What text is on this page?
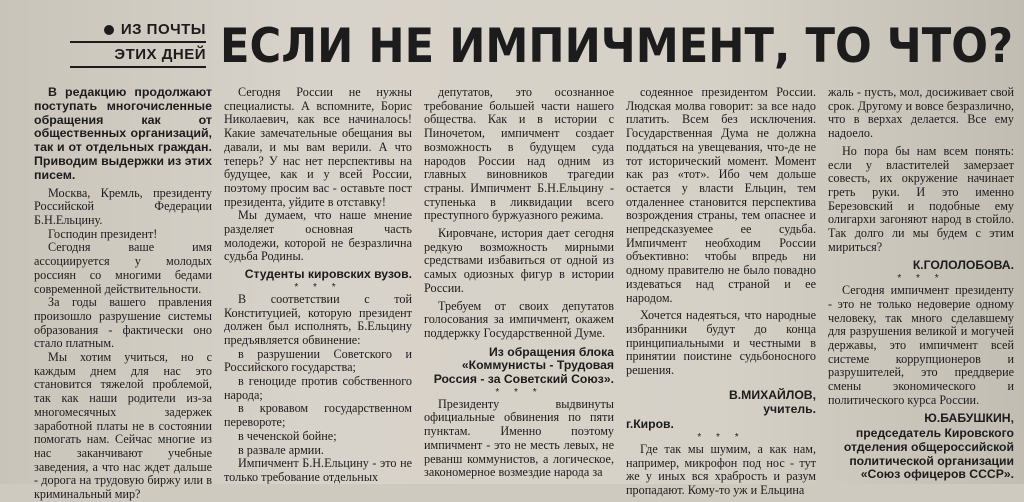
ИЗ ПОЧТЫ
ЭТИХ ДНЕЙ ЕСЛИ НЕ ИМПИЧМЕНТ, ТО ЧТО?

В редакцию продолжают поступать многочисленные обращения как от общественных организаций, так и от отдельных граждан. Приводим выдержки из этих писем.

Москва, Кремль, президенту Российской Федерации Б.Н.Ельцину.

Господин президент!

Сегодня ваше имя ассоциируется у молодых россиян со многими бедами современной действительности.

За годы вашего правления произошло разрушение системы образования - фактически оно стало платным.

Мы хотим учиться, но с каждым днем для нас это становится тяжелой проблемой, так как наши родители из-за многомесячных задержек заработной платы не в состоянии помогать нам. Сейчас многие из нас заканчивают учебные заведения, а что нас ждет дальше - дорога на трудовую биржу или в криминальный мир?

Сегодня России не нужны специалисты. А вспомните, Борис Николаевич, как все начиналось! Какие замечательные обещания вы давали, и мы вам верили. А что теперь? У нас нет перспективы на будущее, как и у всей России, поэтому просим вас - оставьте пост президента, уйдите в отставку!

Мы думаем, что наше мнение разделяет основная часть молодежи, которой не безразлична судьба Родины.

Студенты кировских вузов.

* * *

В соответствии с той Конституцией, которую президент должен был исполнять, Б.Ельцину предъявляется обвинение:

в разрушении Советского и Российского государства;

в геноциде против собственного народа;

в кровавом государственном перевороте;

в чеченской бойне;

в развале армии.

Импичмент Б.Н.Ельцину - это не только требование отдельных

депутатов, это осознанное требование большей части нашего общества. Как и в истории с Пиночетом, импичмент создает возможность в будущем суда народов России над одним из главных виновников трагедии страны. Импичмент Б.Н.Ельцину - ступенька в ликвидации всего преступного буржуазного режима.

Кировчане, история дает сегодня редкую возможность мирными средствами избавиться от одной из самых одиозных фигур в истории России.

Требуем от своих депутатов голосования за импичмент, окажем поддержку Государственной Думе.

Из обращения блока «Коммунисты - Трудовая Россия - за Советский Союз».

* * *

Президенту выдвинуты официальные обвинения по пяти пунктам. Именно поэтому импичмент - это не месть левых, не реванш коммунистов, а логическое, закономерное возмездие народа за

содеянное президентом России. Людская молва говорит: за все надо платить. Всем без исключения. Государственная Дума не должна поддаться на увещевания, что-де не тот исторический момент. Момент как раз «тот». Ибо чем дольше остается у власти Ельцин, тем отдаленнее становится перспектива возрождения страны, тем опаснее и непредсказуемее ее судьба. Импичмент необходим России объективно: чтобы впредь ни одному правителю не было повадно издеваться над страной и ее народом.

Хочется надеяться, что народные избранники будут до конца принципиальными и честными в принятии поистине судьбоносного решения.

В.МИХАЙЛОВ,

учитель.

г.Киров.

* * *

Где так мы шумим, а как нам, например, микрофон под нос - тут же у иных вся храбрость и разум пропадают. Кому-то уж и Ельцина

жаль - пусть, мол, досиживает свой срок. Другому и вовсе безразлично, что в верхах делается. Все ему надоело.

Но пора бы нам всем понять: если у властителей замерзает совесть, их окружение начинает греть руки. И это именно Березовский и подобные ему олигархи загоняют народ в стойло. Так долго ли мы будем с этим мириться?

К.ГОЛОЛОБОВА.

* * *

Сегодня импичмент президенту - это не только недоверие одному человеку, так много сделавшему для разрушения великой и могучей державы, это импичмент всей системе коррупционеров и разрушителей, это преддверие смены экономического и политического курса России.

Ю.БАБУШКИН,

председатель Кировского отделения общероссийской политической организации «Союз офицеров СССР».
